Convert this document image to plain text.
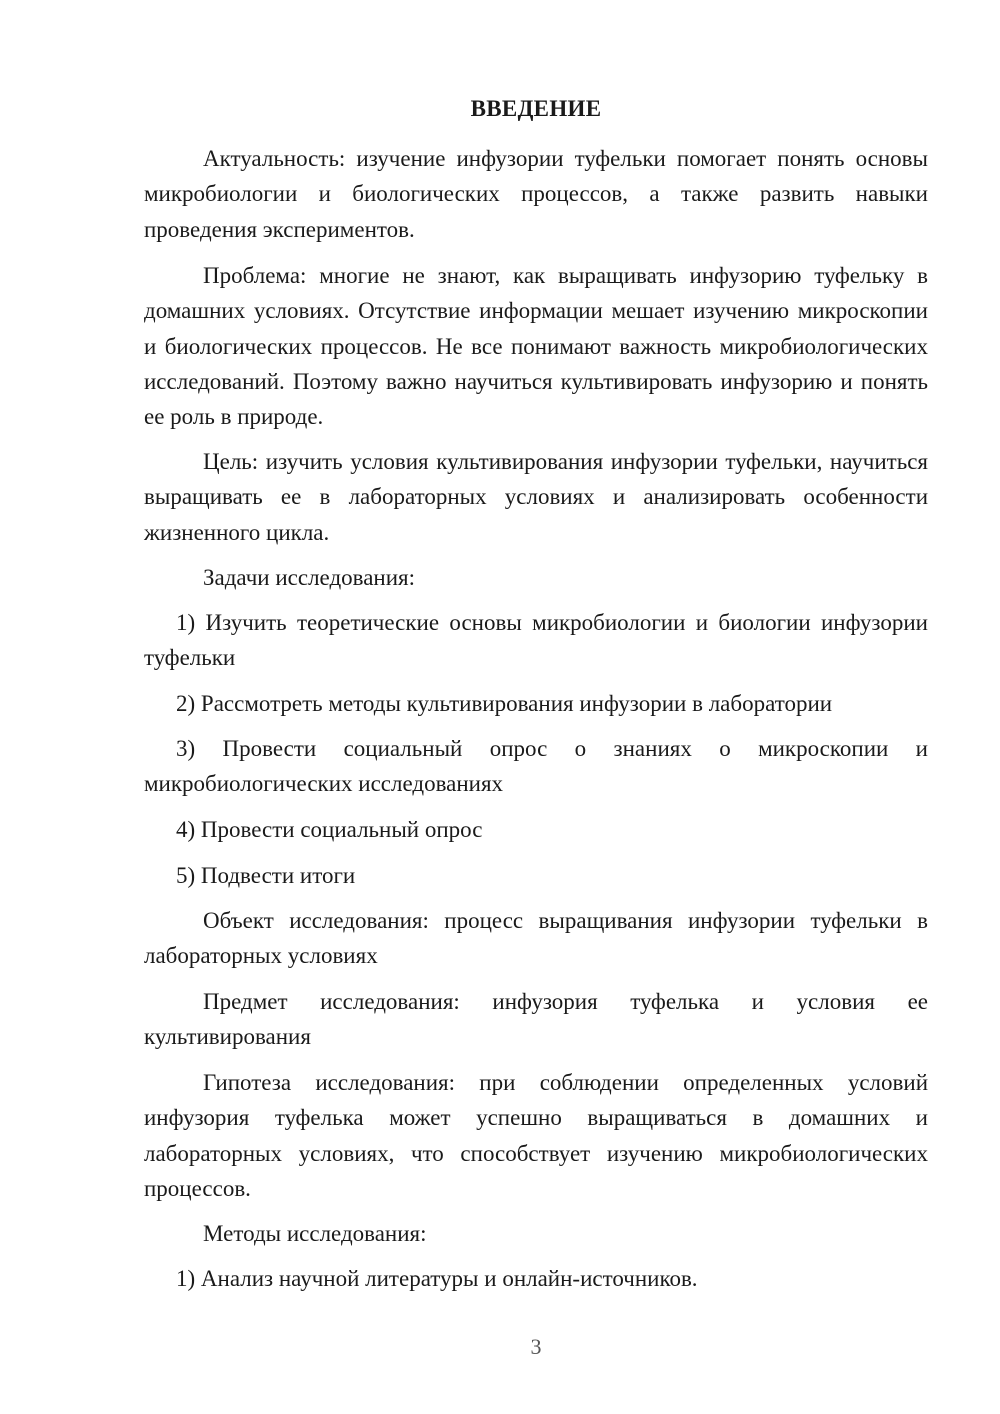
ВВЕДЕНИЕ

Актуальность: изучение инфузории туфельки помогает понять основы микробиологии и биологических процессов, а также развить навыки проведения экспериментов.

Проблема: многие не знают, как выращивать инфузорию туфельку в домашних условиях. Отсутствие информации мешает изучению микроскопии и биологических процессов. Не все понимают важность микробиологических исследований. Поэтому важно научиться культивировать инфузорию и понять ее роль в природе.

Цель: изучить условия культивирования инфузории туфельки, научиться выращивать ее в лабораторных условиях и анализировать особенности жизненного цикла.

Задачи исследования:

1) Изучить теоретические основы микробиологии и биологии инфузории туфельки

2) Рассмотреть методы культивирования инфузории в лаборатории

3) Провести социальный опрос о знаниях о микроскопии и микробиологических исследованиях

4) Провести социальный опрос

5) Подвести итоги

Объект исследования: процесс выращивания инфузории туфельки в лабораторных условиях

Предмет исследования: инфузория туфелька и условия ее культивирования

Гипотеза исследования: при соблюдении определенных условий инфузория туфелька может успешно выращиваться в домашних и лабораторных условиях, что способствует изучению микробиологических процессов.

Методы исследования:

1) Анализ научной литературы и онлайн-источников.

3
